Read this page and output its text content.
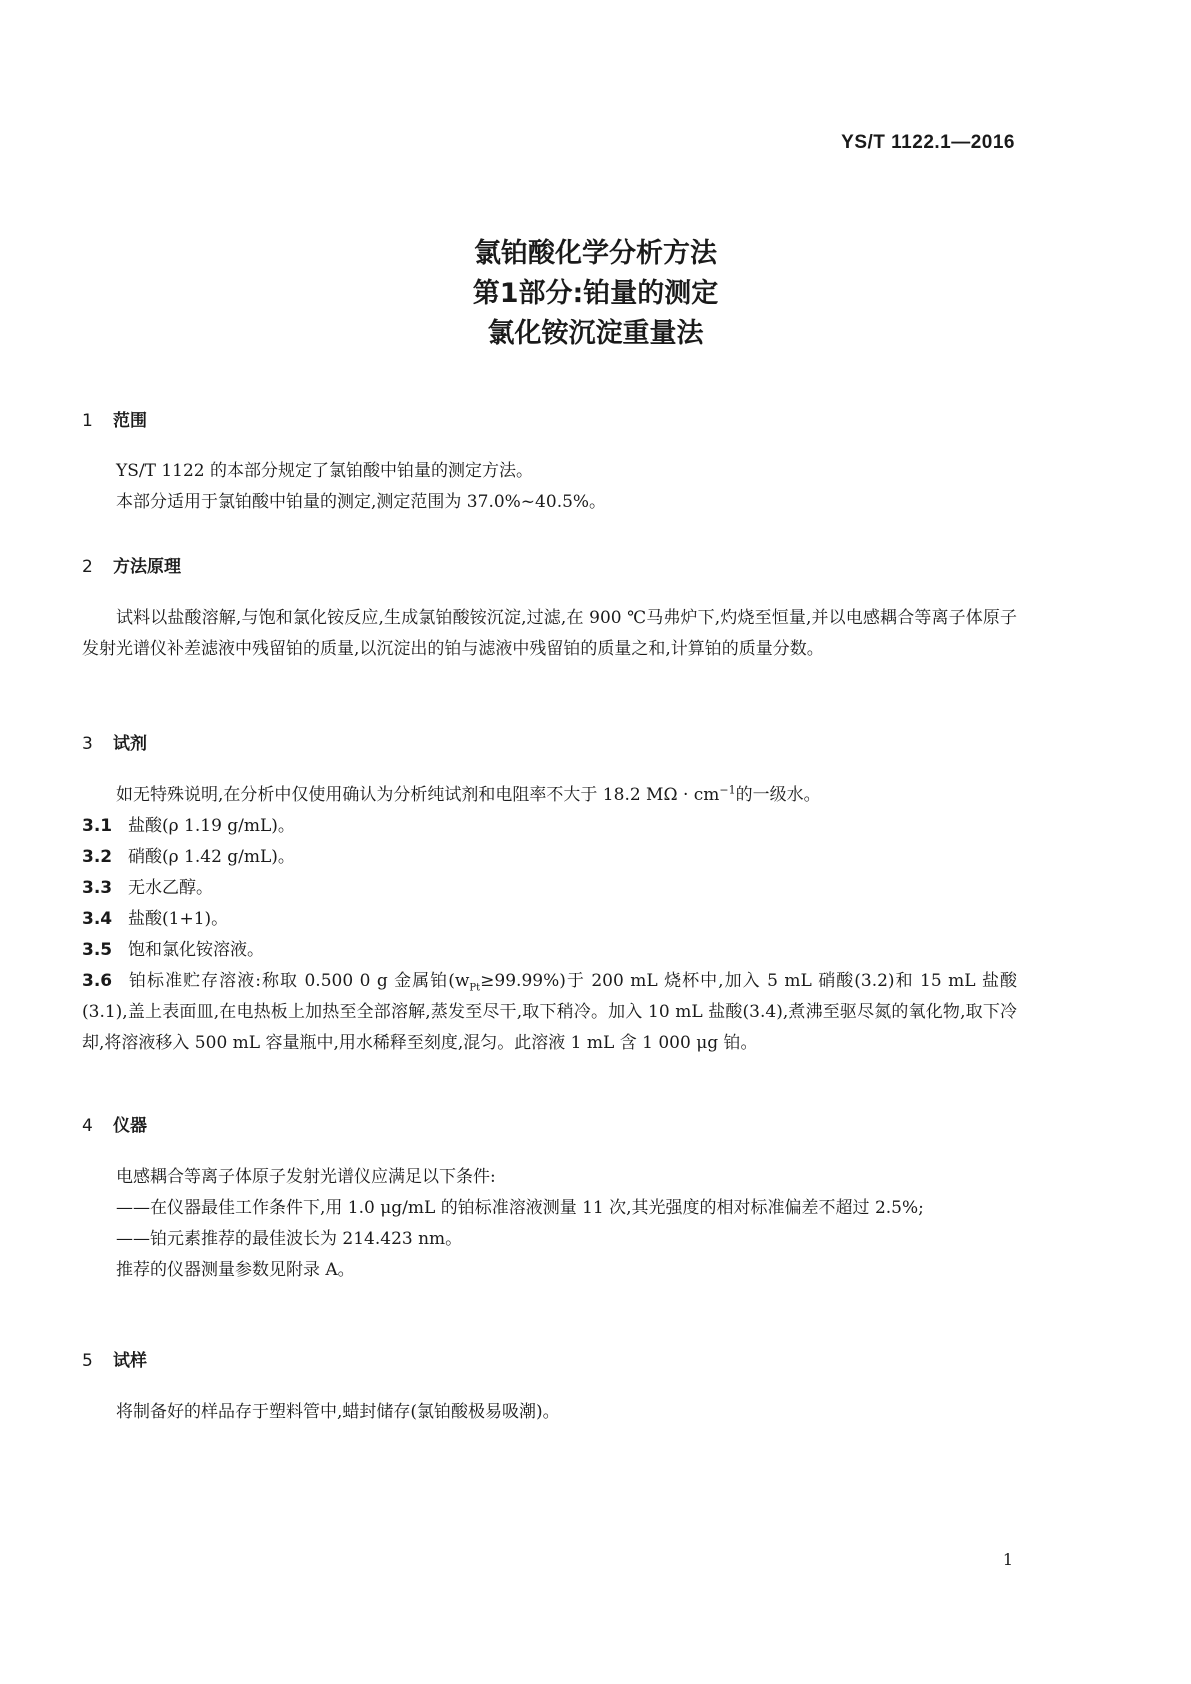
YS/T 1122.1—2016
氯铂酸化学分析方法
第1部分:铂量的测定
氯化铵沉淀重量法
1 范围

YS/T 1122 的本部分规定了氯铂酸中铂量的测定方法。

本部分适用于氯铂酸中铂量的测定,测定范围为 37.0%~40.5%。

2 方法原理

试料以盐酸溶解,与饱和氯化铵反应,生成氯铂酸铵沉淀,过滤,在 900 ℃马弗炉下,灼烧至恒量,并以电感耦合等离子体原子发射光谱仪补差滤液中残留铂的质量,以沉淀出的铂与滤液中残留铂的质量之和,计算铂的质量分数。

3 试剂

如无特殊说明,在分析中仅使用确认为分析纯试剂和电阻率不大于 18.2 $M\Omega \cdot cm^{-1}$的一级水。

3.1 盐酸(ρ 1.19 g/mL)。
3.2 硝酸(ρ 1.42 g/mL)。
3.3 无水乙醇。
3.4 盐酸(1+1)。
3.5 饱和氯化铵溶液。
3.6 铂标准贮存溶液:称取 0.500 0 g 金属铂$(w_{Pt}\ge 99.99\%)$于 200 mL 烧杯中,加入 5 mL 硝酸(3.2)和 15 mL 盐酸(3.1),盖上表面皿,在电热板上加热至全部溶解,蒸发至尽干,取下稍冷。加入 10 mL 盐酸(3.4),煮沸至驱尽氮的氧化物,取下冷却,将溶液移入 500 mL 容量瓶中,用水稀释至刻度,混匀。此溶液 1 mL 含 1 000 μg 铂。
4 仪器

电感耦合等离子体原子发射光谱仪应满足以下条件:

——在仪器最佳工作条件下,用 1.0 μg/mL 的铂标准溶液测量 11 次,其光强度的相对标准偏差不超过 2.5%;

——铂元素推荐的最佳波长为 214.423 nm。

推荐的仪器测量参数见附录 A。

5 试样

将制备好的样品存于塑料管中,蜡封储存(氯铂酸极易吸潮)。

1
